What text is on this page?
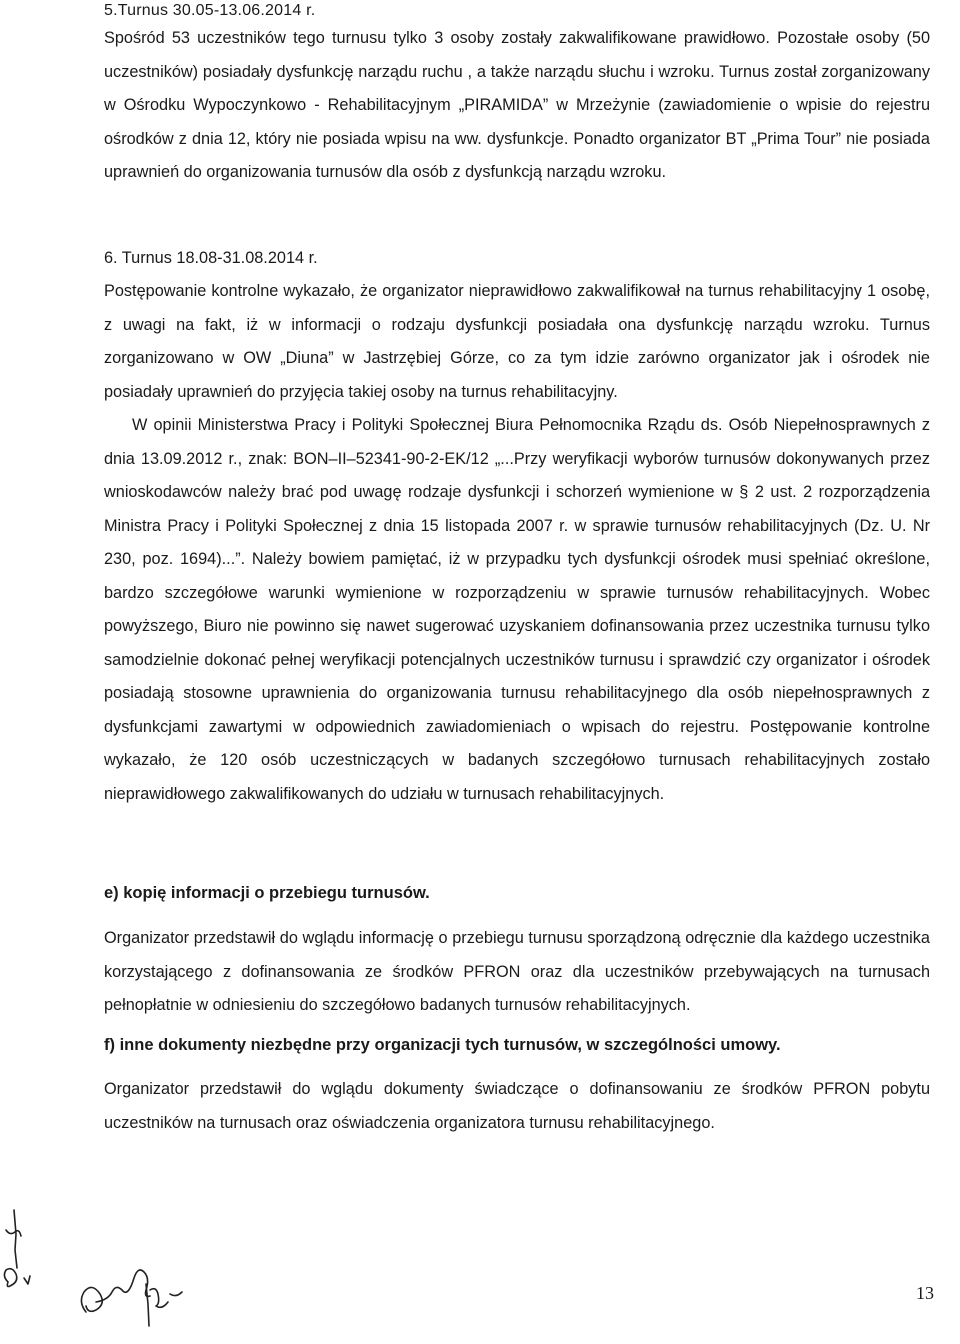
5.Turnus 30.05-13.06.2014 r.

Spośród 53 uczestników tego turnusu tylko 3 osoby zostały zakwalifikowane prawidłowo. Pozostałe osoby (50 uczestników) posiadały dysfunkcję narządu ruchu , a także narządu słuchu i wzroku. Turnus został zorganizowany w Ośrodku Wypoczynkowo - Rehabilitacyjnym „PIRAMIDA” w Mrzeżynie (zawiadomienie o wpisie do rejestru ośrodków z dnia 12, który nie posiada wpisu na ww. dysfunkcje. Ponadto organizator BT „Prima Tour” nie posiada uprawnień do organizowania turnusów dla osób z dysfunkcją narządu wzroku.

6. Turnus 18.08-31.08.2014 r.

Postępowanie kontrolne wykazało, że organizator nieprawidłowo zakwalifikował na turnus rehabilitacyjny 1 osobę, z uwagi na fakt, iż w informacji o rodzaju dysfunkcji posiadała ona dysfunkcję narządu wzroku. Turnus zorganizowano w OW „Diuna” w Jastrzębiej Górze, co za tym idzie zarówno organizator jak i ośrodek nie posiadały uprawnień do przyjęcia takiej osoby na turnus rehabilitacyjny.

W opinii Ministerstwa Pracy i Polityki Społecznej Biura Pełnomocnika Rządu ds. Osób Niepełnosprawnych z dnia 13.09.2012 r., znak: BON–II–52341-90-2-EK/12 „...Przy weryfikacji wyborów turnusów dokonywanych przez wnioskodawców należy brać pod uwagę rodzaje dysfunkcji i schorzeń wymienione w § 2 ust. 2 rozporządzenia Ministra Pracy i Polityki Społecznej z dnia 15 listopada 2007 r. w sprawie turnusów rehabilitacyjnych (Dz. U. Nr 230, poz. 1694)...”. Należy bowiem pamiętać, iż w przypadku tych dysfunkcji ośrodek musi spełniać określone, bardzo szczegółowe warunki wymienione w rozporządzeniu w sprawie turnusów rehabilitacyjnych. Wobec powyższego, Biuro nie powinno się nawet sugerować uzyskaniem dofinansowania przez uczestnika turnusu tylko samodzielnie dokonać pełnej weryfikacji potencjalnych uczestników turnusu i sprawdzić czy organizator i ośrodek posiadają stosowne uprawnienia do organizowania turnusu rehabilitacyjnego dla osób niepełnosprawnych z dysfunkcjami zawartymi w odpowiednich zawiadomieniach o wpisach do rejestru. Postępowanie kontrolne wykazało, że 120 osób uczestniczących w badanych szczegółowo turnusach rehabilitacyjnych zostało nieprawidłowego zakwalifikowanych do udziału w turnusach rehabilitacyjnych.

e) kopię informacji o przebiegu turnusów.

Organizator przedstawił do wglądu informację o przebiegu turnusu sporządzoną odręcznie dla każdego uczestnika korzystającego z dofinansowania ze środków PFRON oraz dla uczestników przebywających na turnusach pełnopłatnie w odniesieniu do szczegółowo badanych turnusów rehabilitacyjnych.

f) inne dokumenty niezbędne przy organizacji tych turnusów, w szczególności umowy.

Organizator przedstawił do wglądu dokumenty świadczące o dofinansowaniu ze środków PFRON pobytu uczestników na turnusach oraz oświadczenia organizatora turnusu rehabilitacyjnego.

13
